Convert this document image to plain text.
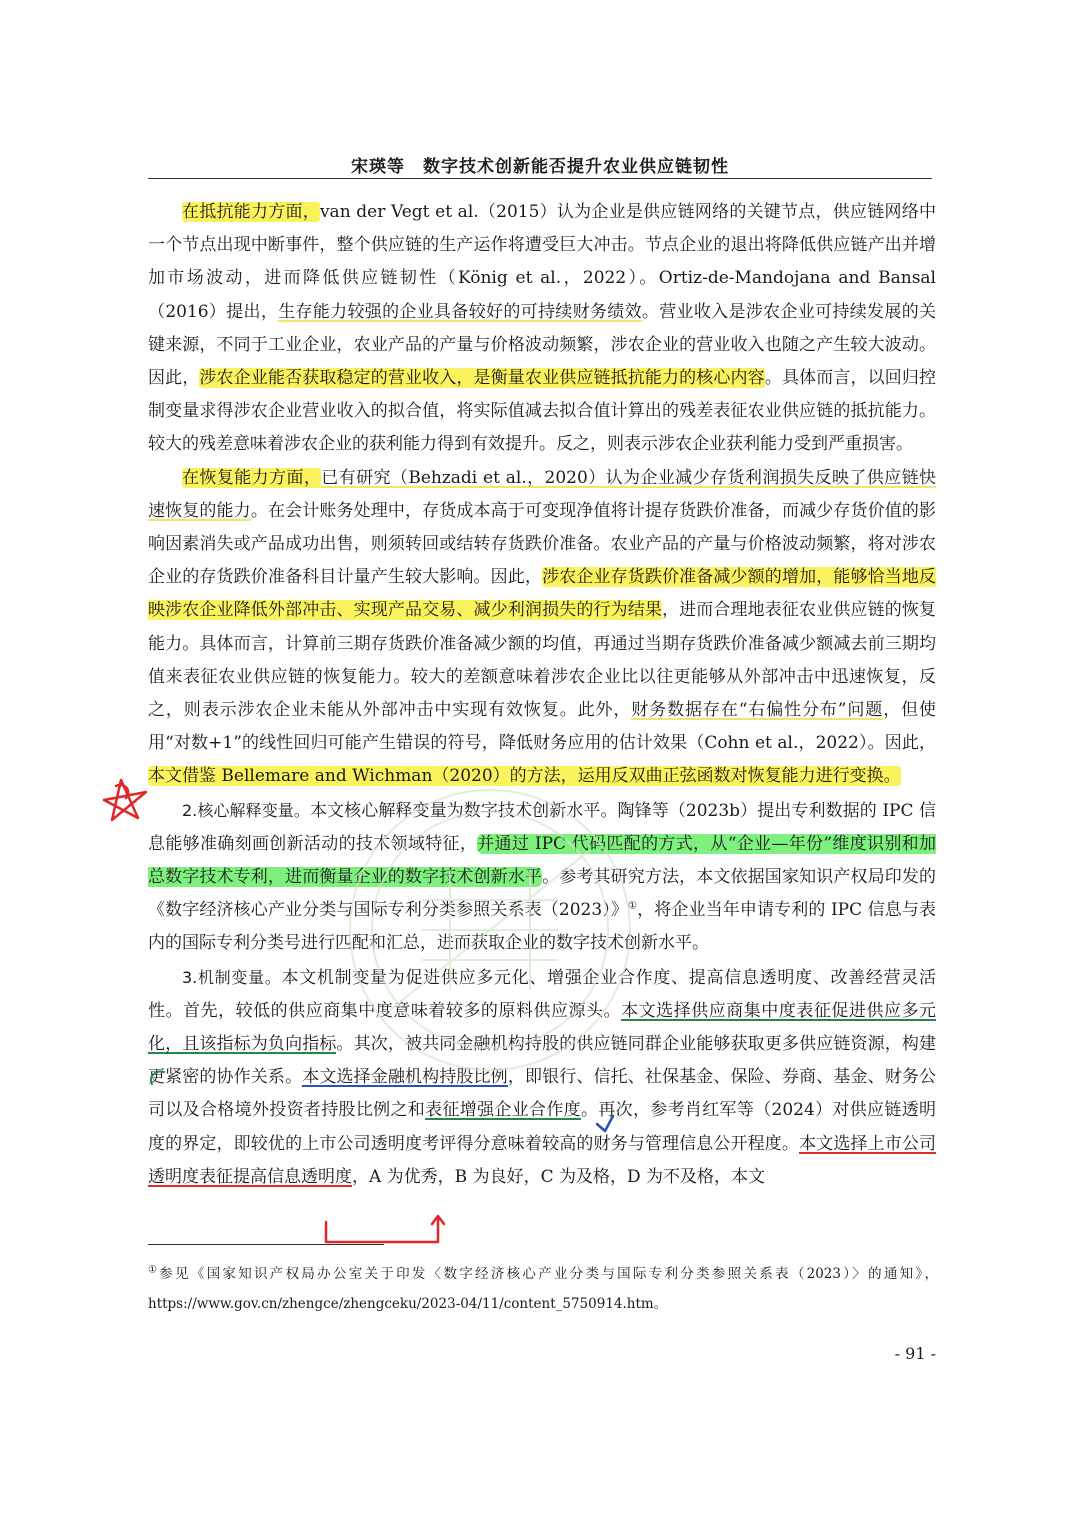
宋瑛等　数字技术创新能否提升农业供应链韧性

在抵抗能力方面，van der Vegt et al.（2015）认为企业是供应链网络的关键节点，供应链网络中一个节点出现中断事件，整个供应链的生产运作将遭受巨大冲击。节点企业的退出将降低供应链产出并增加市场波动，进而降低供应链韧性（König et al.，2022）。Ortiz-de-Mandojana and Bansal（2016）提出，生存能力较强的企业具备较好的可持续财务绩效。营业收入是涉农企业可持续发展的关键来源，不同于工业企业，农业产品的产量与价格波动频繁，涉农企业的营业收入也随之产生较大波动。因此，涉农企业能否获取稳定的营业收入，是衡量农业供应链抵抗能力的核心内容。具体而言，以回归控制变量求得涉农企业营业收入的拟合值，将实际值减去拟合值计算出的残差表征农业供应链的抵抗能力。较大的残差意味着涉农企业的获利能力得到有效提升。反之，则表示涉农企业获利能力受到严重损害。

在恢复能力方面，已有研究（Behzadi et al.，2020）认为企业减少存货利润损失反映了供应链快速恢复的能力。在会计账务处理中，存货成本高于可变现净值将计提存货跌价准备，而减少存货价值的影响因素消失或产品成功出售，则须转回或结转存货跌价准备。农业产品的产量与价格波动频繁，将对涉农企业的存货跌价准备科目计量产生较大影响。因此，涉农企业存货跌价准备减少额的增加，能够恰当地反映涉农企业降低外部冲击、实现产品交易、减少利润损失的行为结果，进而合理地表征农业供应链的恢复能力。具体而言，计算前三期存货跌价准备减少额的均值，再通过当期存货跌价准备减少额减去前三期均值来表征农业供应链的恢复能力。较大的差额意味着涉农企业比以往更能够从外部冲击中迅速恢复，反之，则表示涉农企业未能从外部冲击中实现有效恢复。此外，财务数据存在“右偏性分布”问题，但使用“对数+1”的线性回归可能产生错误的符号，降低财务应用的估计效果（Cohn et al.，2022）。因此，本文借鉴 Bellemare and Wichman（2020）的方法，运用反双曲正弦函数对恢复能力进行变换。

2.核心解释变量。本文核心解释变量为数字技术创新水平。陶锋等（2023b）提出专利数据的 IPC 信息能够准确刻画创新活动的技术领域特征，并通过 IPC 代码匹配的方式，从“企业—年份”维度识别和加总数字技术专利，进而衡量企业的数字技术创新水平。参考其研究方法，本文依据国家知识产权局印发的《数字经济核心产业分类与国际专利分类参照关系表（2023）》①，将企业当年申请专利的 IPC 信息与表内的国际专利分类号进行匹配和汇总，进而获取企业的数字技术创新水平。

3.机制变量。本文机制变量为促进供应多元化、增强企业合作度、提高信息透明度、改善经营灵活性。首先，较低的供应商集中度意味着较多的原料供应源头。本文选择供应商集中度表征促进供应多元化，且该指标为负向指标。其次，被共同金融机构持股的供应链同群企业能够获取更多供应链资源，构建更紧密的协作关系。本文选择金融机构持股比例，即银行、信托、社保基金、保险、券商、基金、财务公司以及合格境外投资者持股比例之和表征增强企业合作度。再次，参考肖红军等（2024）对供应链透明度的界定，即较优的上市公司透明度考评得分意味着较高的财务与管理信息公开程度。本文选择上市公司透明度表征提高信息透明度，A 为优秀，B 为良好，C 为及格，D 为不及格，本文

①参见《国家知识产权局办公室关于印发〈数字经济核心产业分类与国际专利分类参照关系表（2023）〉的通知》，https://www.gov.cn/zhengce/zhengceku/2023-04/11/content_5750914.htm。
- 91 -
